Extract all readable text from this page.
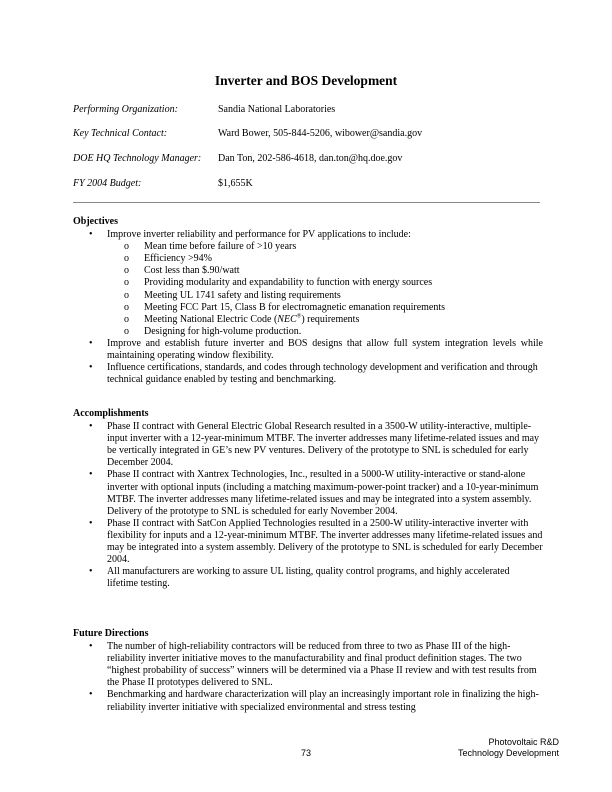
Inverter and BOS Development
Performing Organization:	Sandia National Laboratories
Key Technical Contact:	Ward Bower, 505-844-5206, wibower@sandia.gov
DOE HQ Technology Manager: Dan Ton, 202-586-4618, dan.ton@hq.doe.gov
FY 2004 Budget:	$1,655K
Objectives
• Improve inverter reliability and performance for PV applications to include:
o Mean time before failure of >10 years
o Efficiency >94%
o Cost less than $.90/watt
o Providing modularity and expandability to function with energy sources
o Meeting UL 1741 safety and listing requirements
o Meeting FCC Part 15, Class B for electromagnetic emanation requirements
o Meeting National Electric Code (NEC®) requirements
o Designing for high-volume production.
• Improve and establish future inverter and BOS designs that allow full system integration levels while maintaining operating window flexibility.
• Influence certifications, standards, and codes through technology development and verification and through technical guidance enabled by testing and benchmarking.
Accomplishments
• Phase II contract with General Electric Global Research resulted in a 3500-W utility-interactive, multiple-input inverter with a 12-year-minimum MTBF. The inverter addresses many lifetime-related issues and may be vertically integrated in GE’s new PV ventures. Delivery of the prototype to SNL is scheduled for early December 2004.
• Phase II contract with Xantrex Technologies, Inc., resulted in a 5000-W utility-interactive or stand-alone inverter with optional inputs (including a matching maximum-power-point tracker) and a 10-year-minimum MTBF. The inverter addresses many lifetime-related issues and may be integrated into a system assembly. Delivery of the prototype to SNL is scheduled for early November 2004.
• Phase II contract with SatCon Applied Technologies resulted in a 2500-W utility-interactive inverter with flexibility for inputs and a 12-year-minimum MTBF. The inverter addresses many lifetime-related issues and may be integrated into a system assembly. Delivery of the prototype to SNL is scheduled for early December 2004.
• All manufacturers are working to assure UL listing, quality control programs, and highly accelerated lifetime testing.
Future Directions
• The number of high-reliability contractors will be reduced from three to two as Phase III of the high-reliability inverter initiative moves to the manufacturability and final product definition stages. The two “highest probability of success” winners will be determined via a Phase II review and with test results from the Phase II prototypes delivered to SNL.
• Benchmarking and hardware characterization will play an increasingly important role in finalizing the high-reliability inverter initiative with specialized environmental and stress testing
73
Photovoltaic R&D
Technology Development
